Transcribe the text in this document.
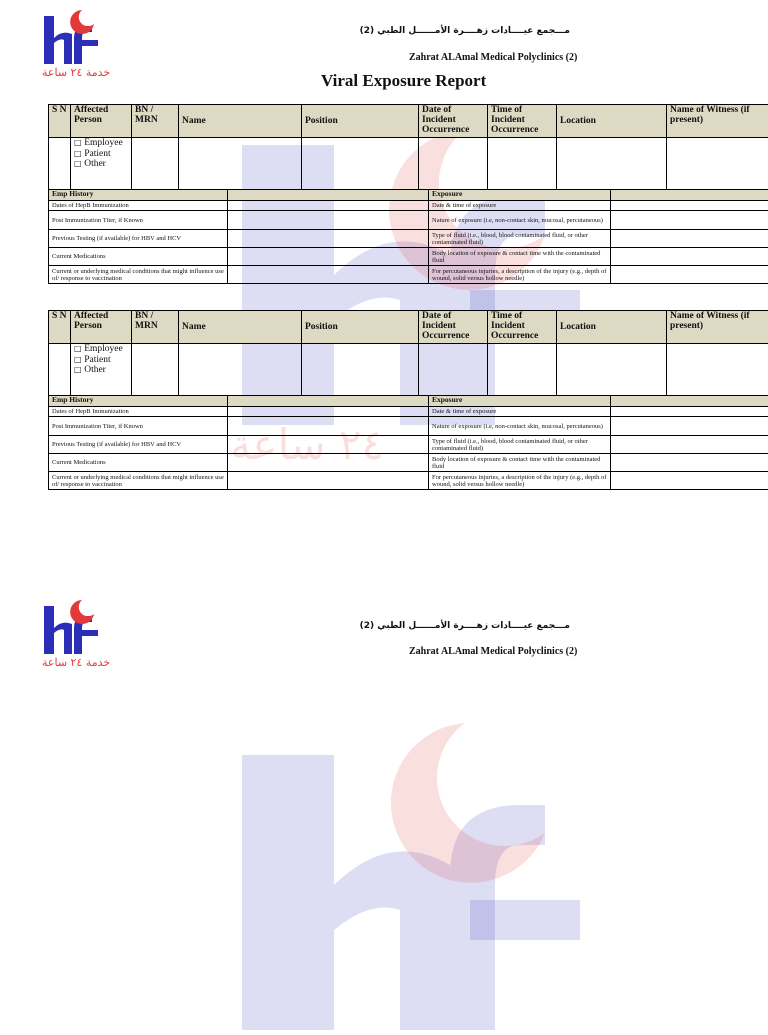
٢٤ ساعة
خدمة ٢٤ ساعة
مـــجمع عيــــادات زهــــرة الأمــــــل الطبي (2)
Zahrat ALAmal Medical Polyclinics (2)
Viral Exposure Report
S N	Affected Person	BN / MRN	Name	Position	Date of Incident Occurrence	Time of Incident Occurrence	Location	Name of Witness (if present)

	□ Employee
□ Patient
□ Other							

Emp History		Exposure	
Dates of HepB Immunization		Date & time of exposure	
Post Immunization Titer, if Known		Nature of exposure (i.e, non-contact skin, mucosal, percutaneous)	
Previous Testing (if available) for HBV and HCV		Type of fluid (i.e., blood, blood contaminated fluid, or other contaminated fluid)	
Current Medications		Body location of exposure & contact time with the contaminated fluid	
Current or underlying medical conditions that might influence use of/ response to vaccination		For percutaneous injuries, a description of the injury (e.g., depth of wound, solid versus hollow needle)	
S N	Affected Person	BN / MRN	Name	Position	Date of Incident Occurrence	Time of Incident Occurrence	Location	Name of Witness (if present)

	□ Employee
□ Patient
□ Other							

Emp History		Exposure	
Dates of HepB Immunization		Date & time of exposure	
Post Immunization Titer, if Known		Nature of exposure (i.e, non-contact skin, mucosal, percutaneous)	
Previous Testing (if available) for HBV and HCV		Type of fluid (i.e., blood, blood contaminated fluid, or other contaminated fluid)	
Current Medications		Body location of exposure & contact time with the contaminated fluid	
Current or underlying medical conditions that might influence use of/ response to vaccination		For percutaneous injuries, a description of the injury (e.g., depth of wound, solid versus hollow needle)	
خدمة ٢٤ ساعة
مـــجمع عيــــادات زهــــرة الأمــــــل الطبي (2)
Zahrat ALAmal Medical Polyclinics (2)
